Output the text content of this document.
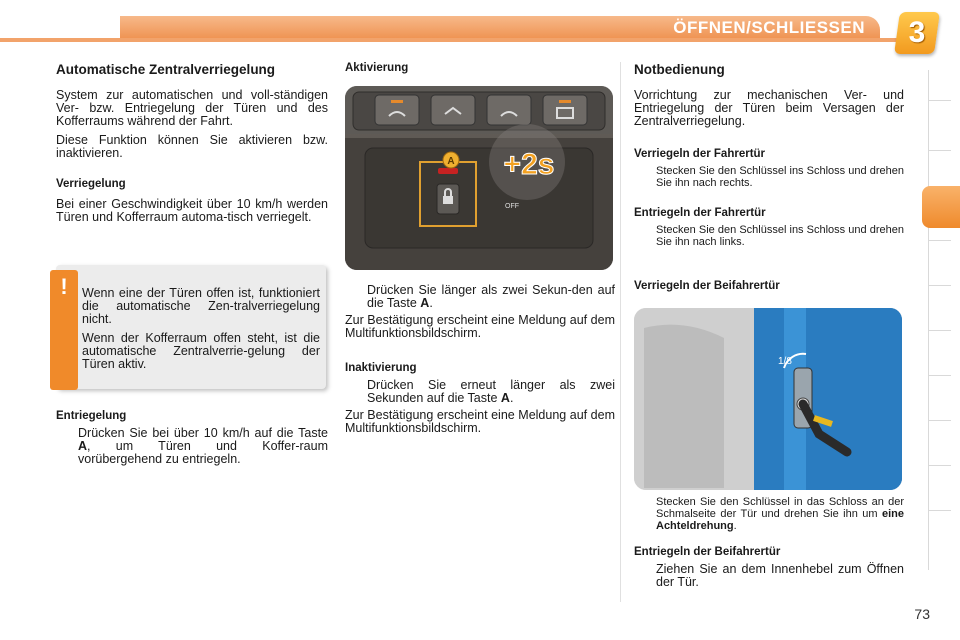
ÖFFNEN/SCHLIESSEN	3
Automatische Zentralverriegelung

System zur automatischen und voll-ständigen Ver- bzw. Entriegelung der Türen und des Kofferraums während der Fahrt.

Diese Funktion können Sie aktivieren bzw. inaktivieren.

Verriegelung

Bei einer Geschwindigkeit über 10 km/h werden Türen und Kofferraum automa-tisch verriegelt.

!	Wenn eine der Türen offen ist, funktioniert die automatische Zen-tralverriegelung nicht.

Wenn der Kofferraum offen steht, ist die automatische Zentralverrie-gelung der Türen aktiv.

Entriegelung
Drücken Sie bei über 10 km/h auf die Taste A, um Türen und Koffer-raum vorübergehend zu entriegeln.
Aktivierung
A +2s
OFF
Drücken Sie länger als zwei Sekun-den auf die Taste A.

Zur Bestätigung erscheint eine Meldung auf dem Multifunktionsbildschirm.

Inaktivierung
Drücken Sie erneut länger als zwei Sekunden auf die Taste A.

Zur Bestätigung erscheint eine Meldung auf dem Multifunktionsbildschirm.

Notbedienung

Vorrichtung zur mechanischen Ver- und Entriegelung der Türen beim Versagen der Zentralverriegelung.

Verriegeln der Fahrertür
Stecken Sie den Schlüssel ins Schloss und drehen Sie ihn nach rechts.
Entriegeln der Fahrertür
Stecken Sie den Schlüssel ins Schloss und drehen Sie ihn nach links.
Verriegeln der Beifahrertür
1/8
Stecken Sie den Schlüssel in das Schloss an der Schmalseite der Tür und drehen Sie ihn um eine Achteldrehung.
Entriegeln der Beifahrertür
Ziehen Sie an dem Innenhebel zum Öffnen der Tür.
73
